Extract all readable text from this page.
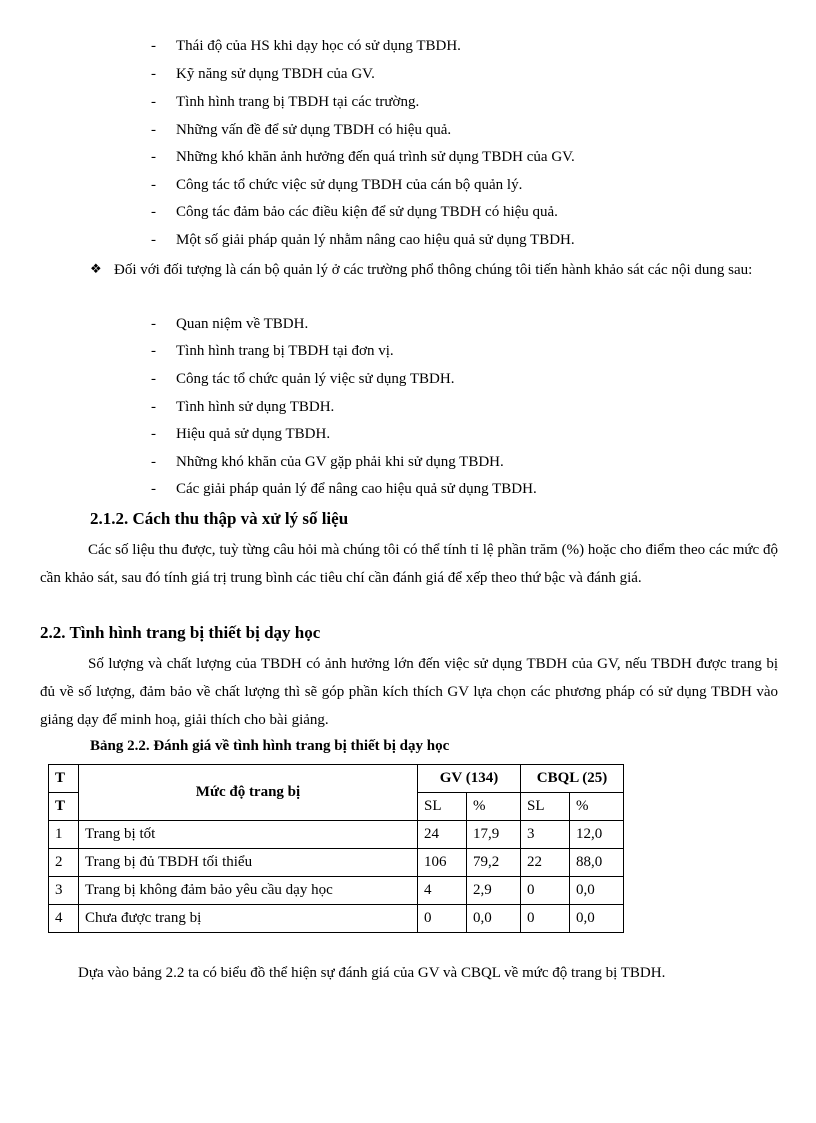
- Thái độ của HS khi dạy học có sử dụng TBDH.
- Kỹ năng sử dụng TBDH của GV.
- Tình hình trang bị TBDH tại các trường.
- Những vấn đề để sử dụng TBDH có hiệu quả.
- Những khó khăn ảnh hưởng đến quá trình sử dụng TBDH của GV.
- Công tác tổ chức việc sử dụng TBDH của cán bộ quản lý.
- Công tác đảm bảo các điều kiện để sử dụng TBDH có hiệu quả.
- Một số giải pháp quản lý nhằm nâng cao hiệu quả sử dụng TBDH.
❖ Đối với đối tượng là cán bộ quản lý ở các trường phổ thông chúng tôi tiến hành khảo sát các nội dung sau:
- Quan niệm về TBDH.
- Tình hình trang bị TBDH tại đơn vị.
- Công tác tổ chức quản lý việc sử dụng TBDH.
- Tình hình sử dụng TBDH.
- Hiệu quả sử dụng TBDH.
- Những khó khăn của GV gặp phải khi sử dụng TBDH.
- Các giải pháp quản lý để nâng cao hiệu quả sử dụng TBDH.
2.1.2. Cách thu thập và xử lý số liệu
Các số liệu thu được, tuỳ từng câu hỏi mà chúng tôi có thể tính tỉ lệ phần trăm (%) hoặc cho điểm theo các mức độ cần khảo sát, sau đó tính giá trị trung bình các tiêu chí cần đánh giá để xếp theo thứ bậc và đánh giá.
2.2. Tình hình trang bị thiết bị dạy học
Số lượng và chất lượng của TBDH có ảnh hưởng lớn đến việc sử dụng TBDH của GV, nếu TBDH được trang bị đủ về số lượng, đảm bảo về chất lượng thì sẽ góp phần kích thích GV lựa chọn các phương pháp có sử dụng TBDH vào giảng dạy để minh hoạ, giải thích cho bài giảng.
Bảng 2.2. Đánh giá về tình hình trang bị thiết bị dạy học
T	Mức độ trang bị	GV (134)		CBQL (25)	
T		SL	%	SL	%
1	Trang bị tốt	24	17,9	3	12,0
2	Trang bị đủ TBDH tối thiểu	106	79,2	22	88,0
3	Trang bị không đảm bảo yêu cầu dạy học	4	2,9	0	0,0
4	Chưa được trang bị	0	0,0	0	0,0
Dựa vào bảng 2.2 ta có biểu đồ thể hiện sự đánh giá của GV và CBQL về mức độ trang bị TBDH.
